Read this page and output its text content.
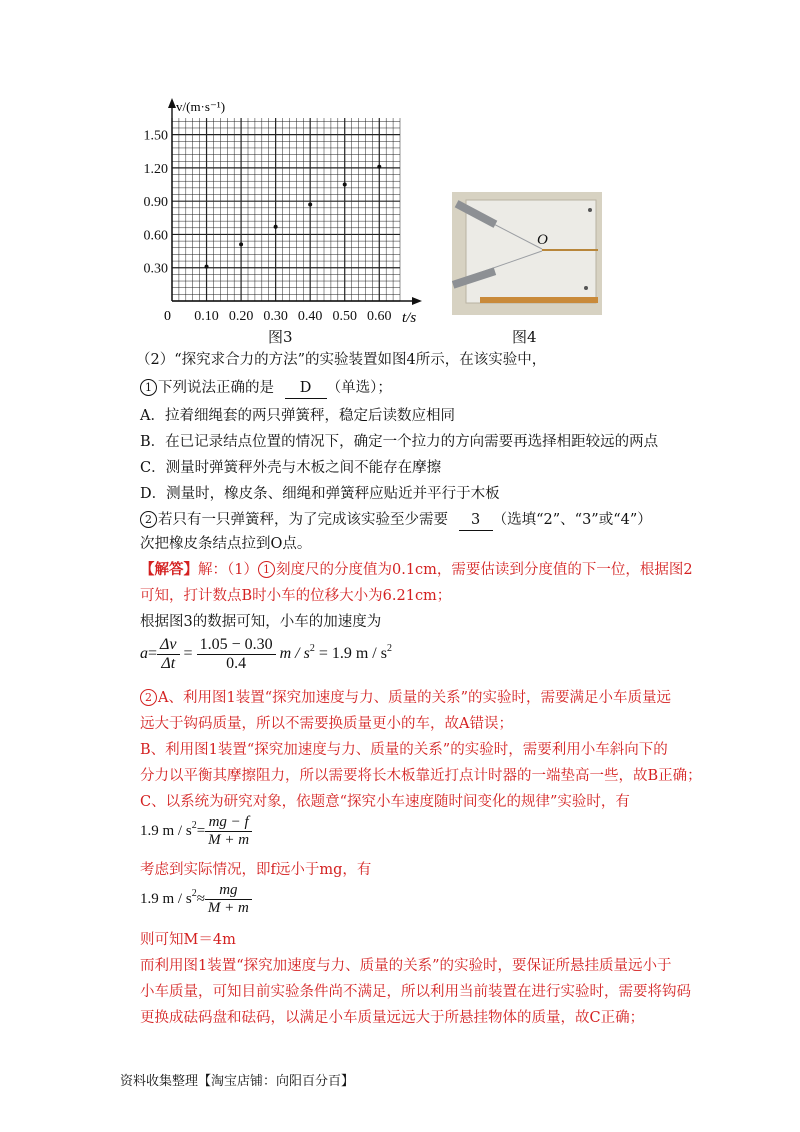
0.10 0.20 0.30 0.40 0.50 0.60
0.30
0.60
0.90
1.20
1.50
v/(m·s⁻¹)
t/s
0
图3
O
图4
（2）“探究求合力的方法”的实验装置如图4所示，在该实验中，
1 下列说法正确的是 D （单选）；
A．拉着细绳套的两只弹簧秤，稳定后读数应相同
B．在已记录结点位置的情况下，确定一个拉力的方向需要再选择相距较远的两点
C．测量时弹簧秤外壳与木板之间不能存在摩擦
D．测量时，橡皮条、细绳和弹簧秤应贴近并平行于木板
2 若只有一只弹簧秤，为了完成该实验至少需要 3 （选填“2”、“3”或“4”）
次把橡皮条结点拉到O点。
【解答】解：（1） 1 刻度尺的分度值为0.1cm，需要估读到分度值的下一位，根据图2
可知，打计数点B时小车的位移大小为6.21cm；
根据图3的数据可知，小车的加速度为
$a= \frac{\Delta v}{\Delta t} = \frac{1.05 - 0.30}{0.4}$ $m / s^2 = 1.9$ m / $s^2$
2 A、利用图1装置“探究加速度与力、质量的关系”的实验时，需要满足小车质量远
远大于钩码质量，所以不需要换质量更小的车，故A错误；
B、利用图1装置“探究加速度与力、质量的关系”的实验时，需要利用小车斜向下的
分力以平衡其摩擦阻力，所以需要将长木板靠近打点计时器的一端垫高一些，故B正确；
C、以系统为研究对象，依题意“探究小车速度随时间变化的规律”实验时，有
1.9 $m / s^2= \frac{mg - f}{M + m}$
考虑到实际情况，即f远小于mg，有
1.9 $m / s^2\approx \frac{mg}{M + m}$
则可知M＝4m
而利用图1装置“探究加速度与力、质量的关系”的实验时，要保证所悬挂质量远小于
小车质量，可知目前实验条件尚不满足，所以利用当前装置在进行实验时，需要将钩码
更换成砝码盘和砝码，以满足小车质量远远大于所悬挂物体的质量，故C正确；
资料收集整理【淘宝店铺：向阳百分百】
